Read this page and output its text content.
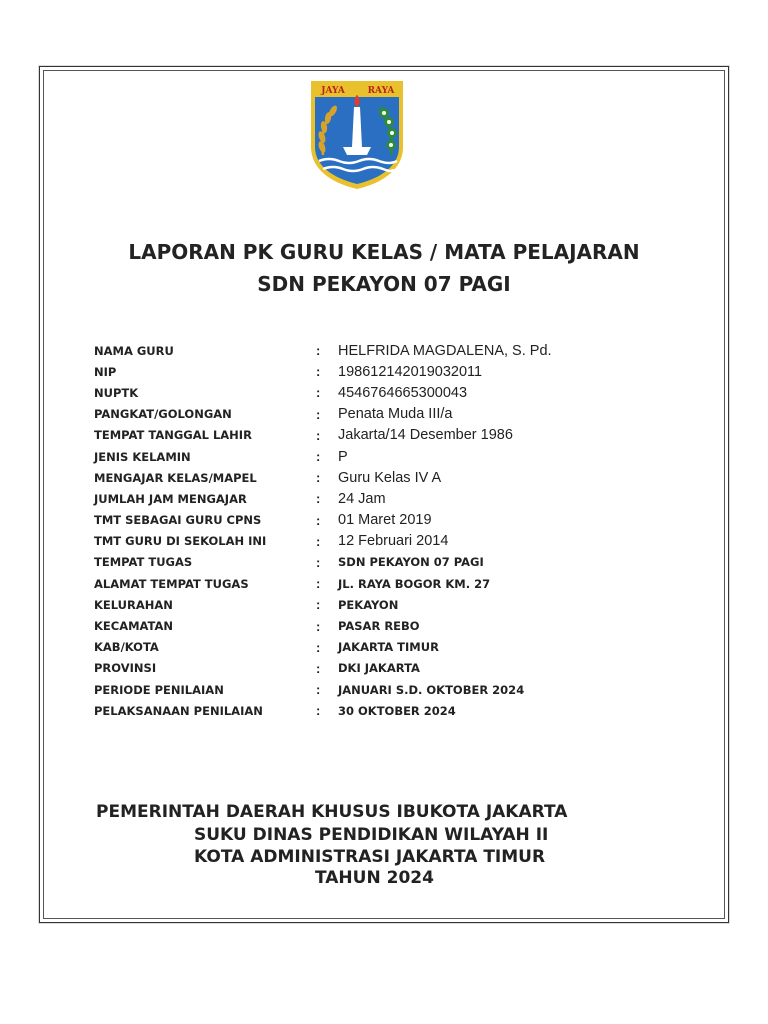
JAYA	RAYA
LAPORAN PK GURU KELAS / MATA PELAJARAN
SDN PEKAYON 07 PAGI
NAMA GURU	:	HELFRIDA MAGDALENA, S. Pd.
NIP	:	198612142019032011
NUPTK	:	4546764665300043
PANGKAT/GOLONGAN	:	Penata Muda III/a
TEMPAT TANGGAL LAHIR	:	Jakarta/14 Desember 1986
JENIS KELAMIN	:	P
MENGAJAR KELAS/MAPEL	:	Guru Kelas IV A
JUMLAH JAM MENGAJAR	:	24 Jam
TMT SEBAGAI GURU CPNS	:	01 Maret 2019
TMT GURU DI SEKOLAH INI	:	12 Februari 2014
TEMPAT TUGAS	:	SDN PEKAYON 07 PAGI
ALAMAT TEMPAT TUGAS	:	JL. RAYA BOGOR KM. 27
KELURAHAN	:	PEKAYON
KECAMATAN	:	PASAR REBO
KAB/KOTA	:	JAKARTA TIMUR
PROVINSI	:	DKI JAKARTA
PERIODE PENILAIAN	:	JANUARI S.D. OKTOBER 2024
PELAKSANAAN PENILAIAN	:	30 OKTOBER 2024
PEMERINTAH DAERAH KHUSUS IBUKOTA JAKARTA
SUKU DINAS PENDIDIKAN WILAYAH II
KOTA ADMINISTRASI JAKARTA TIMUR
TAHUN 2024
